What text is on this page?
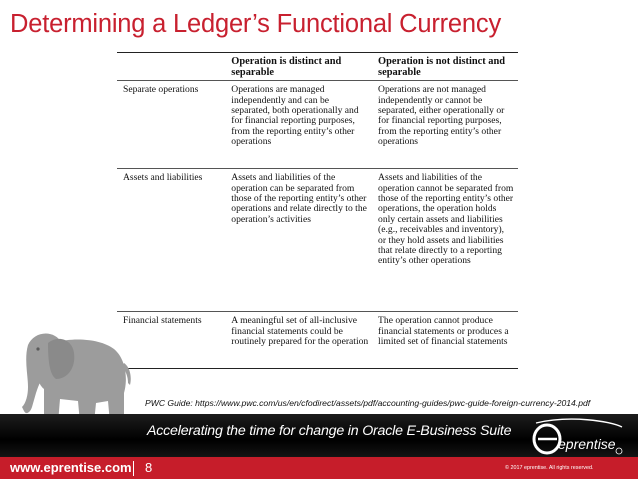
Determining a Ledger’s Functional Currency
	Operation is distinct and separable	Operation is not distinct and separable
Separate operations	Operations are managed independently and can be separated, both operationally and for financial reporting purposes, from the reporting entity’s other operations	Operations are not managed independently or cannot be separated, either operationally or for financial reporting purposes, from the reporting entity’s other operations
Assets and liabilities	Assets and liabilities of the operation can be separated from those of the reporting entity’s other operations and relate directly to the operation’s activities	Assets and liabilities of the operation cannot be separated from those of the reporting entity’s other operations, the operation holds only certain assets and liabilities (e.g., receivables and inventory), or they hold assets and liabilities that relate directly to a reporting entity’s other operations
Financial statements	A meaningful set of all-inclusive financial statements could be routinely prepared for the operation	The operation cannot produce financial statements or produces a limited set of financial statements
PWC Guide: https://www.pwc.com/us/en/cfodirect/assets/pdf/accounting-guides/pwc-guide-foreign-currency-2014.pdf
Accelerating the time for change in Oracle E-Business Suite
eprentise
www.eprentise.com 8	© 2017 eprentise. All rights reserved.
